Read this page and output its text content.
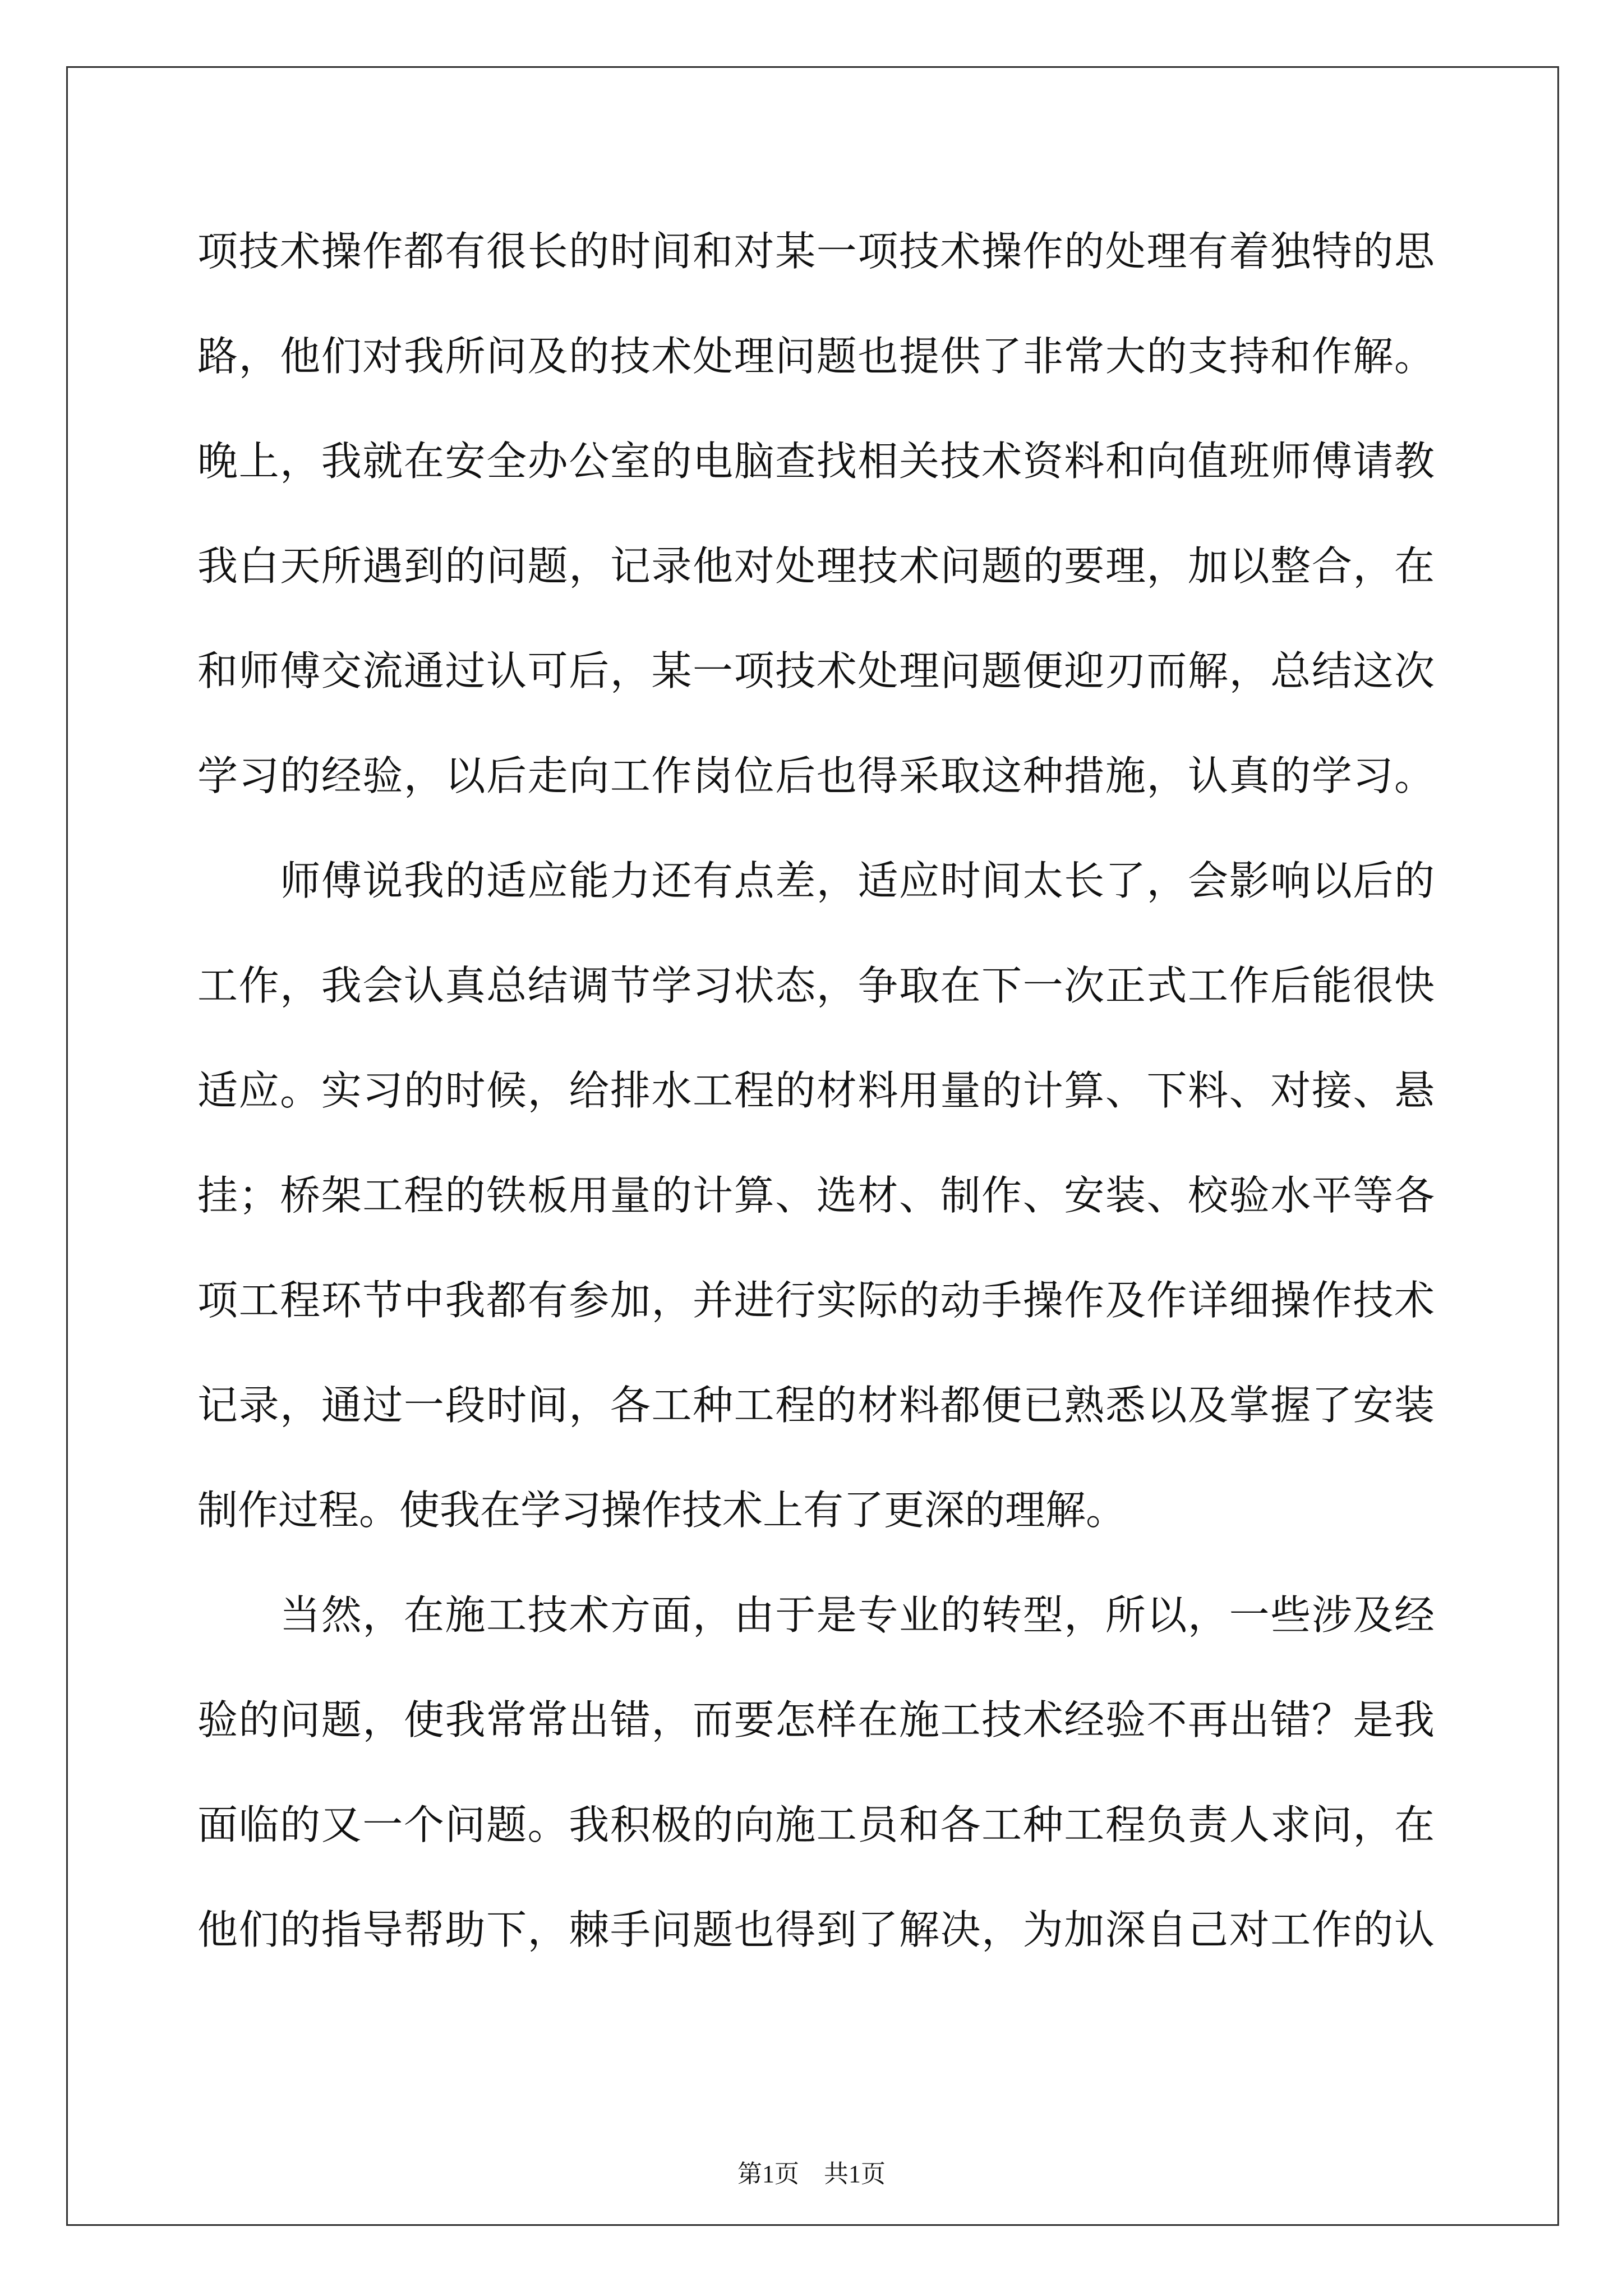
项技术操作都有很长的时间和对某一项技术操作的处理有着独特的思
路，他们对我所问及的技术处理问题也提供了非常大的支持和作解。
晚上，我就在安全办公室的电脑查找相关技术资料和向值班师傅请教
我白天所遇到的问题，记录他对处理技术问题的要理，加以整合，在
和师傅交流通过认可后，某一项技术处理问题便迎刃而解，总结这次
学习的经验，以后走向工作岗位后也得采取这种措施，认真的学习。
　　师傅说我的适应能力还有点差，适应时间太长了，会影响以后的
工作，我会认真总结调节学习状态，争取在下一次正式工作后能很快
适应。实习的时候，给排水工程的材料用量的计算、下料、对接、悬
挂；桥架工程的铁板用量的计算、选材、制作、安装、校验水平等各
项工程环节中我都有参加，并进行实际的动手操作及作详细操作技术
记录，通过一段时间，各工种工程的材料都便已熟悉以及掌握了安装
制作过程。使我在学习操作技术上有了更深的理解。
　　当然，在施工技术方面，由于是专业的转型，所以，一些涉及经
验的问题，使我常常出错，而要怎样在施工技术经验不再出错？是我
面临的又一个问题。我积极的向施工员和各工种工程负责人求问，在
他们的指导帮助下，棘手问题也得到了解决，为加深自己对工作的认
第1页　共1页
